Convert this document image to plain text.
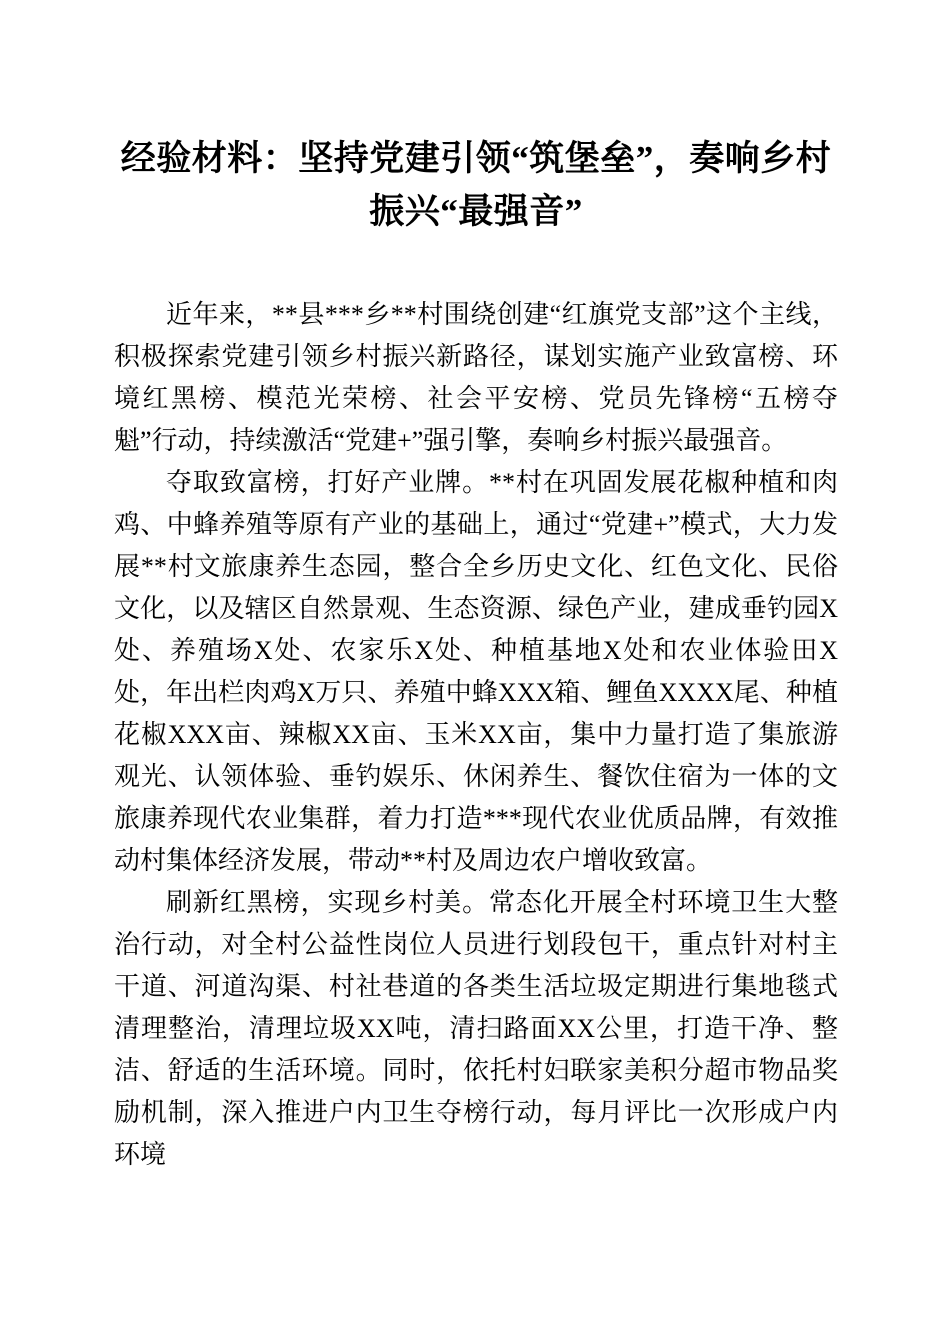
经验材料：坚持党建引领“筑堡垒”，奏响乡村振兴“最强音”

近年来，**县***乡**村围绕创建“红旗党支部”这个主线，积极探索党建引领乡村振兴新路径，谋划实施产业致富榜、环境红黑榜、模范光荣榜、社会平安榜、党员先锋榜“五榜夺魁”行动，持续激活“党建+”强引擎，奏响乡村振兴最强音。

夺取致富榜，打好产业牌。**村在巩固发展花椒种植和肉鸡、中蜂养殖等原有产业的基础上，通过“党建+”模式，大力发展**村文旅康养生态园，整合全乡历史文化、红色文化、民俗文化，以及辖区自然景观、生态资源、绿色产业，建成垂钓园X处、养殖场X处、农家乐X处、种植基地X处和农业体验田X处，年出栏肉鸡X万只、养殖中蜂XXX箱、鲤鱼XXXX尾、种植花椒XXX亩、辣椒XX亩、玉米XX亩，集中力量打造了集旅游观光、认领体验、垂钓娱乐、休闲养生、餐饮住宿为一体的文旅康养现代农业集群，着力打造***现代农业优质品牌，有效推动村集体经济发展，带动**村及周边农户增收致富。

刷新红黑榜，实现乡村美。常态化开展全村环境卫生大整治行动，对全村公益性岗位人员进行划段包干，重点针对村主干道、河道沟渠、村社巷道的各类生活垃圾定期进行集地毯式清理整治，清理垃圾XX吨，清扫路面XX公里，打造干净、整洁、舒适的生活环境。同时，依托村妇联家美积分超市物品奖励机制，深入推进户内卫生夺榜行动，每月评比一次形成户内环境
